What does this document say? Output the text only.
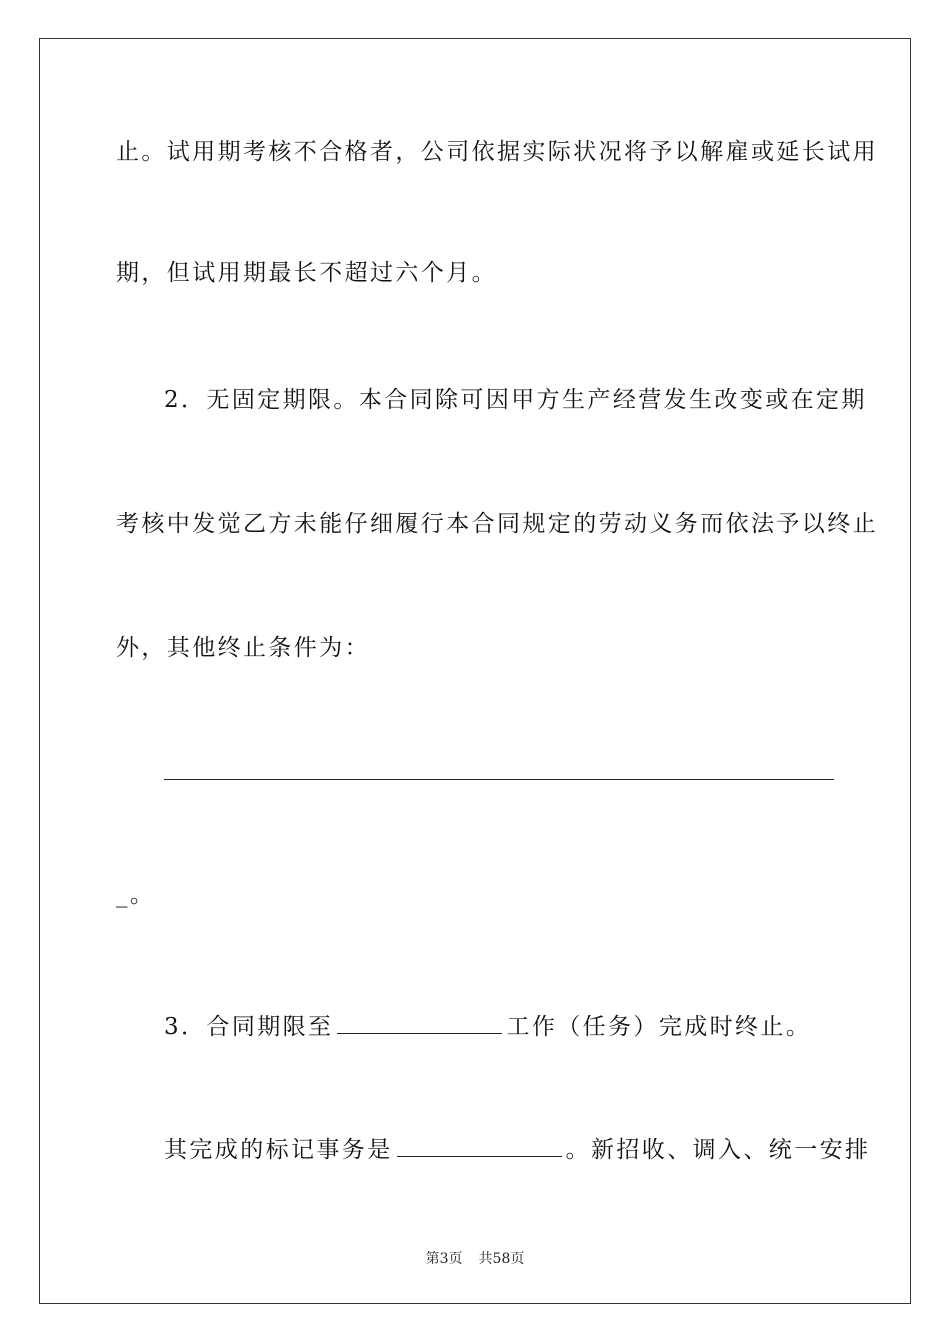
止。试用期考核不合格者，公司依据实际状况将予以解雇或延长试用
期，但试用期最长不超过六个月。
2．无固定期限。本合同除可因甲方生产经营发生改变或在定期
考核中发觉乙方未能仔细履行本合同规定的劳动义务而依法予以终止
外，其他终止条件为：
_。
3．合同期限至	工作（任务）完成时终止。
其完成的标记事务是	。新招收、调入、统一安排
第3页 共58页
